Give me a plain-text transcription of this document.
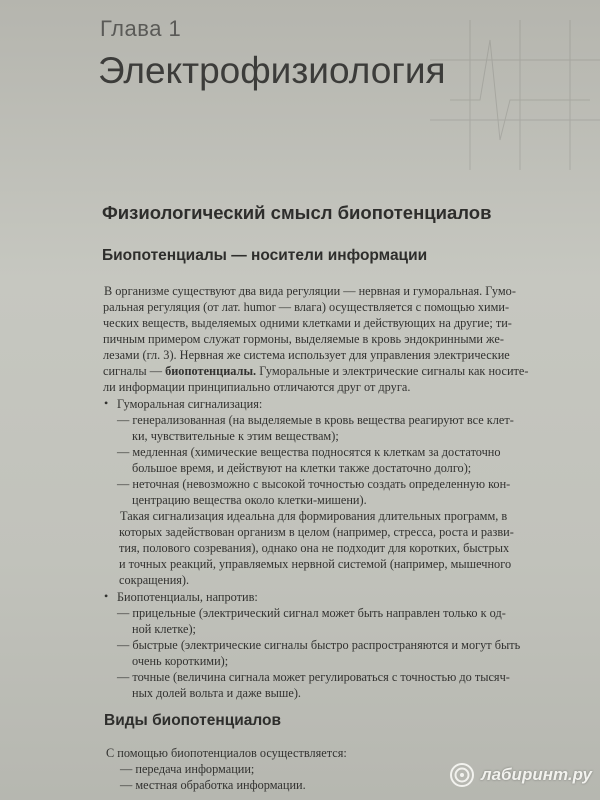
Глава 1
Электрофизиология
Физиологический смысл биопотенциалов
Биопотенциалы — носители информации
В организме существуют два вида регуляции — нервная и гуморальная. Гумо-
ральная регуляция (от лат. humor — влага) осуществляется с помощью хими-
ческих веществ, выделяемых одними клетками и действующих на другие; ти-
пичным примером служат гормоны, выделяемые в кровь эндокринными же-
лезами (гл. 3). Нервная же система использует для управления электрические
сигналы — биопотенциалы. Гуморальные и электрические сигналы как носите-
ли информации принципиально отличаются друг от друга.
• Гуморальная сигнализация:
— генерализованная (на выделяемые в кровь вещества реагируют все клет-
ки, чувствительные к этим веществам);
— медленная (химические вещества подносятся к клеткам за достаточно
большое время, и действуют на клетки также достаточно долго);
— неточная (невозможно с высокой точностью создать определенную кон-
центрацию вещества около клетки-мишени).
Такая сигнализация идеальна для формирования длительных программ, в
которых задействован организм в целом (например, стресса, роста и разви-
тия, полового созревания), однако она не подходит для коротких, быстрых
и точных реакций, управляемых нервной системой (например, мышечного
сокращения).
• Биопотенциалы, напротив:
— прицельные (электрический сигнал может быть направлен только к од-
ной клетке);
— быстрые (электрические сигналы быстро распространяются и могут быть
очень короткими);
— точные (величина сигнала может регулироваться с точностью до тысяч-
ных долей вольта и даже выше).
Виды биопотенциалов
С помощью биопотенциалов осуществляется:
— передача информации;
— местная обработка информации.
лабиринт.ру
